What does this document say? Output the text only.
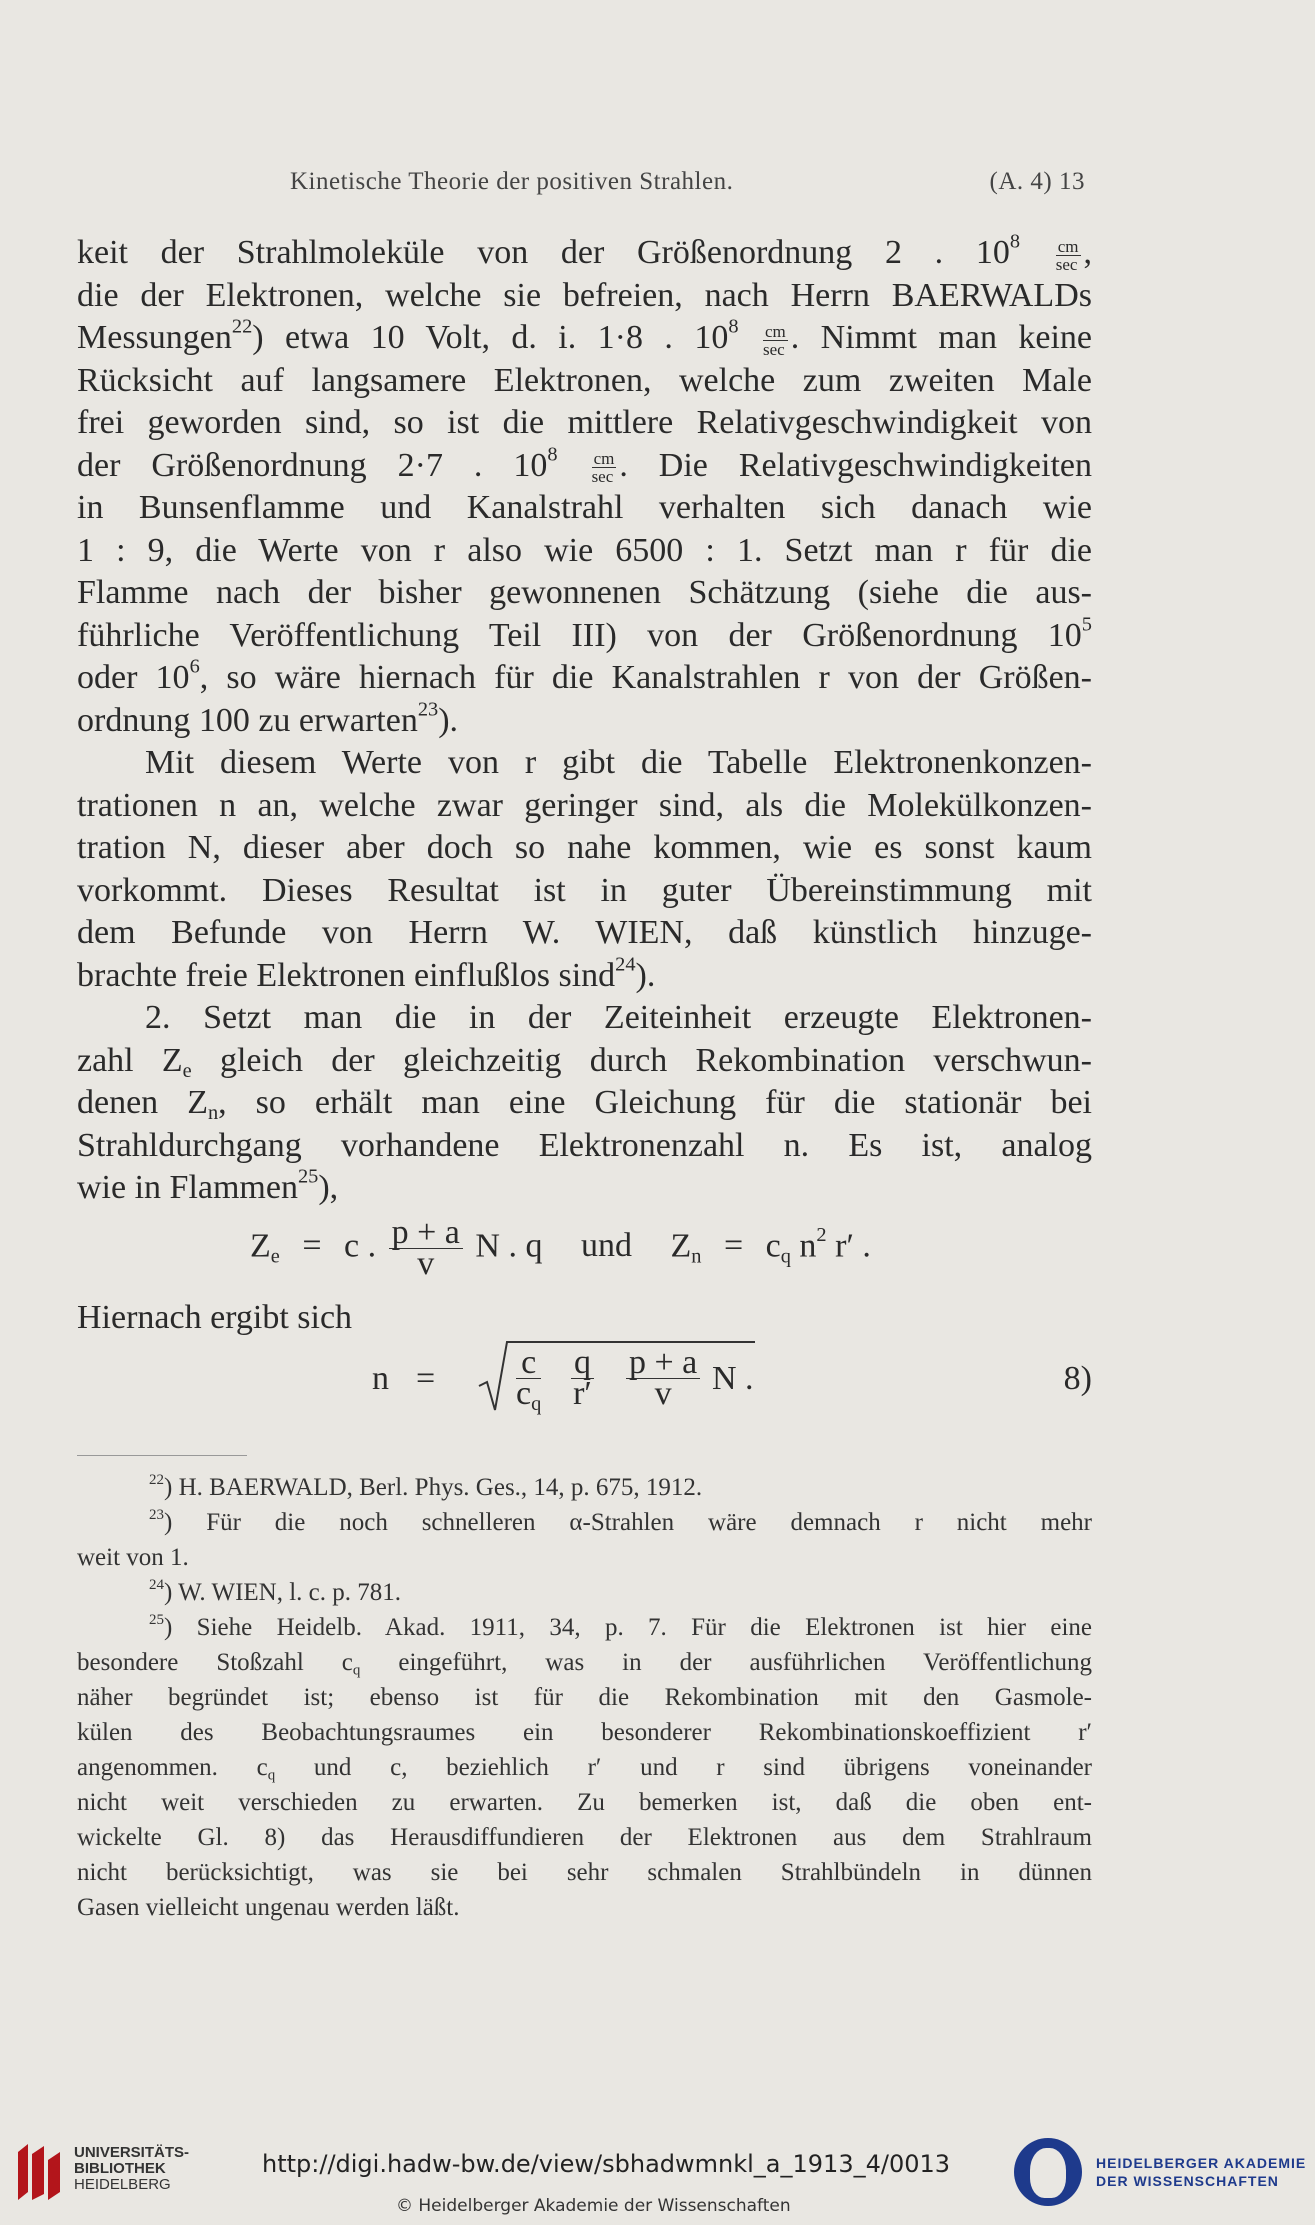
Kinetische Theorie der positiven Strahlen.	(A. 4) 13
keit der Strahlmoleküle von der Größenordnung 2 . $10^8 \frac{cm}{\sec}$ ,
die der Elektronen, welche sie befreien, nach Herrn BAERWALDs
Messungen$^{22}$) etwa 10 Volt, d. i. 1·8 . $10^8 \frac{cm}{\sec}$ . Nimmt man keine
Rücksicht auf langsamere Elektronen, welche zum zweiten Male
frei geworden sind, so ist die mittlere Relativgeschwindigkeit von
der Größenordnung 2·7 . $10^8 \frac{cm}{\sec}$ . Die Relativgeschwindigkeiten
in Bunsenflamme und Kanalstrahl verhalten sich danach wie
1 : 9, die Werte von r also wie 6500 : 1. Setzt man r für die
Flamme nach der bisher gewonnenen Schätzung (siehe die aus-
führliche Veröffentlichung Teil III) von der Größenordnung $10^5$
oder $10^6$, so wäre hiernach für die Kanalstrahlen r von der Größen-
ordnung 100 zu erwarten$^{23}$).
Mit diesem Werte von r gibt die Tabelle Elektronenkonzen-
trationen n an, welche zwar geringer sind, als die Molekülkonzen-
tration N, dieser aber doch so nahe kommen, wie es sonst kaum
vorkommt. Dieses Resultat ist in guter Übereinstimmung mit
dem Befunde von Herrn W. WIEN, daß künstlich hinzuge-
brachte freie Elektronen einflußlos sind$^{24}$).
2. Setzt man die in der Zeiteinheit erzeugte Elektronen-
zahl $Z_e$ gleich der gleichzeitig durch Rekombination verschwun-
denen $Z_n$, so erhält man eine Gleichung für die stationär bei
Strahldurchgang vorhandene Elektronenzahl n. Es ist, analog
wie in Flammen$^{25}$),
$Z_e = c$ . $\frac{p + a}{v}$ N . q und $Z_n = c_q$ $n^2$ r′ .
Hiernach ergibt sich
$n = \frac{c}{c_q} \frac{q}{r'} \frac{p + a}{v}$ N .	8)
$^{22}$) H. BAERWALD, Berl. Phys. Ges., 14, p. 675, 1912.
$^{23}$) Für die noch schnelleren α-Strahlen wäre demnach r nicht mehr
weit von 1.
$^{24}$) W. WIEN, l. c. p. 781.
$^{25}$) Siehe Heidelb. Akad. 1911, 34, p. 7. Für die Elektronen ist hier eine
besondere Stoßzahl $c_q$ eingeführt, was in der ausführlichen Veröffentlichung
näher begründet ist; ebenso ist für die Rekombination mit den Gasmole-
külen des Beobachtungsraumes ein besonderer Rekombinationskoeffizient r′
angenommen. $c_q$ und c, beziehlich r′ und r sind übrigens voneinander
nicht weit verschieden zu erwarten. Zu bemerken ist, daß die oben ent-
wickelte Gl. 8) das Herausdiffundieren der Elektronen aus dem Strahlraum
nicht berücksichtigt, was sie bei sehr schmalen Strahlbündeln in dünnen
Gasen vielleicht ungenau werden läßt.
UNIVERSITÄTS-
BIBLIOTHEK
HEIDELBERG
http://digi.hadw-bw.de/view/sbhadwmnkl_a_1913_4/0013
© Heidelberger Akademie der Wissenschaften
HEIDELBERGER AKADEMIE
DER WISSENSCHAFTEN
